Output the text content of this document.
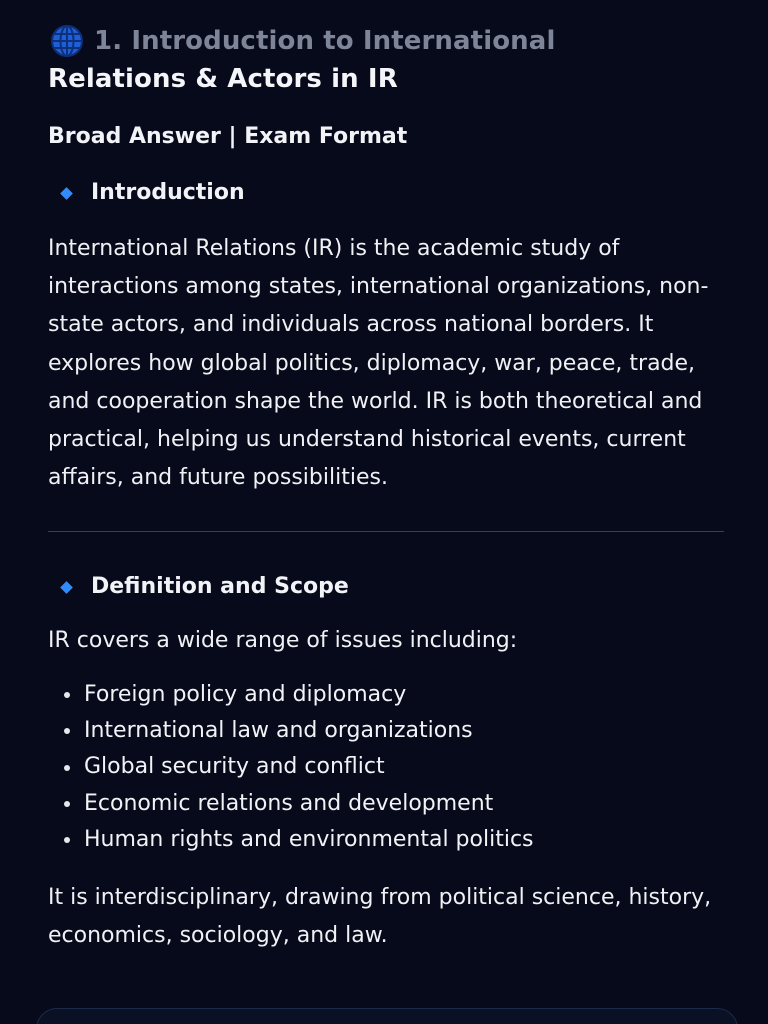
1. Introduction to International
Relations & Actors in IR
Broad Answer | Exam Format
Introduction

International Relations (IR) is the academic study of interactions among states, international organizations, non-state actors, and individuals across national borders. It explores how global politics, diplomacy, war, peace, trade, and cooperation shape the world. IR is both theoretical and practical, helping us understand historical events, current affairs, and future possibilities.

Definition and Scope

IR covers a wide range of issues including:

Foreign policy and diplomacy
International law and organizations
Global security and conflict
Economic relations and development
Human rights and environmental politics

It is interdisciplinary, drawing from political science, history, economics, sociology, and law.
